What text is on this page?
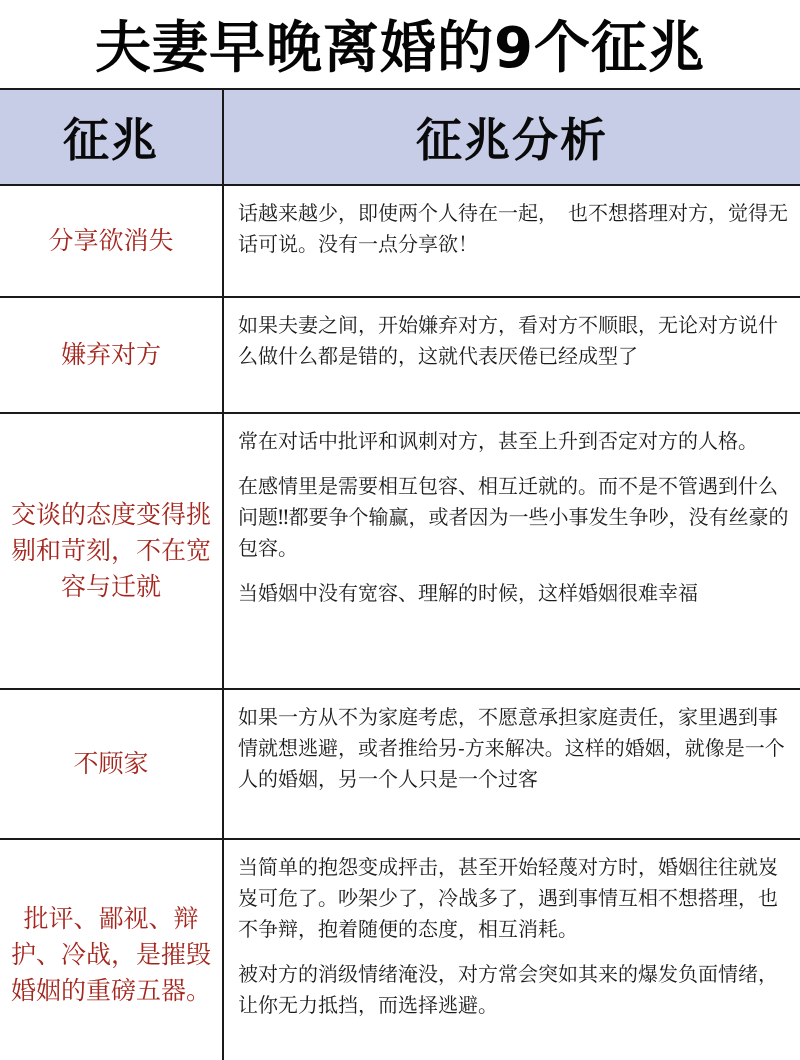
夫妻早晚离婚的9个征兆
征兆	征兆分析
分享欲消失

话越来越少，即使两个人待在一起，　也不想搭理对方，觉得无话可说。没有一点分享欲！

嫌弃对方

如果夫妻之间，开始嫌弃对方，看对方不顺眼，无论对方说什么做什么都是错的，这就代表厌倦已经成型了

交谈的态度变得挑剔和苛刻，不在宽容与迁就

常在对话中批评和讽刺对方，甚至上升到否定对方的人格。

在感情里是需要相互包容、相互迁就的。而不是不管遇到什么问题‼都要争个输赢，或者因为一些小事发生争吵，没有丝豪的包容。

当婚姻中没有宽容、理解的时候，这样婚姻很难幸福

不顾家

如果一方从不为家庭考虑，不愿意承担家庭责任，家里遇到事情就想逃避，或者推给另-方来解决。这样的婚姻，就像是一个人的婚姻，另一个人只是一个过客

批评、鄙视、辩护、冷战，是摧毁婚姻的重磅五器。

当简单的抱怨变成抨击，甚至开始轻蔑对方时，婚姻往往就岌岌可危了。吵架少了，冷战多了，遇到事情互相不想搭理，也不争辩，抱着随便的态度，相互消耗。

被对方的消级情绪淹没，对方常会突如其来的爆发负面情绪，让你无力抵挡，而选择逃避。
